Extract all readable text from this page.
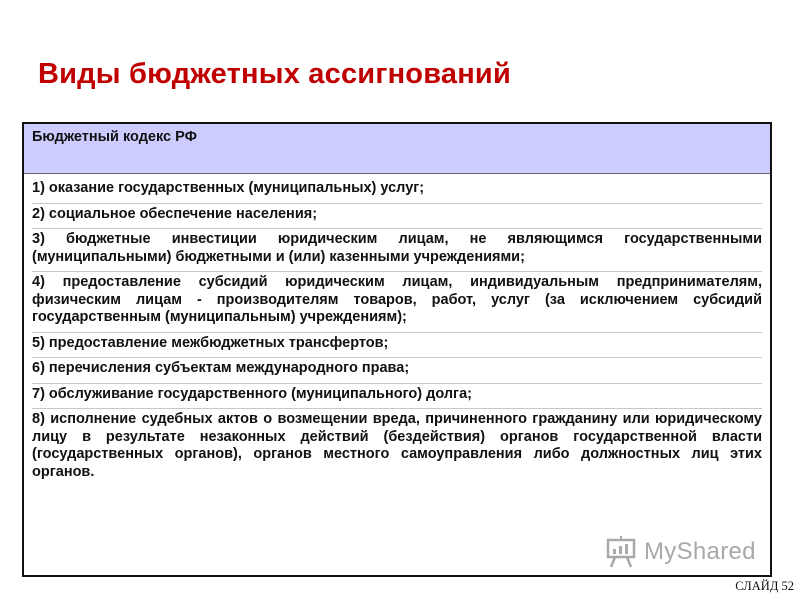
Виды бюджетных ассигнований
Бюджетный кодекс РФ
1) оказание государственных (муниципальных) услуг;
2) социальное обеспечение населения;
3) бюджетные инвестиции юридическим лицам, не являющимся государственными (муниципальными) бюджетными и (или) казенными учреждениями;
4) предоставление субсидий юридическим лицам, индивидуальным предпринимателям, физическим лицам - производителям товаров, работ, услуг (за исключением субсидий государственным (муниципальным) учреждениям);
5) предоставление межбюджетных трансфертов;
6) перечисления субъектам международного права;
7) обслуживание государственного (муниципального) долга;
8) исполнение судебных актов о возмещении вреда, причиненного гражданину или юридическому лицу в результате незаконных действий (бездействия) органов государственной власти (государственных органов), органов местного самоуправления либо должностных лиц этих органов.
MyShared
СЛАЙД 52
